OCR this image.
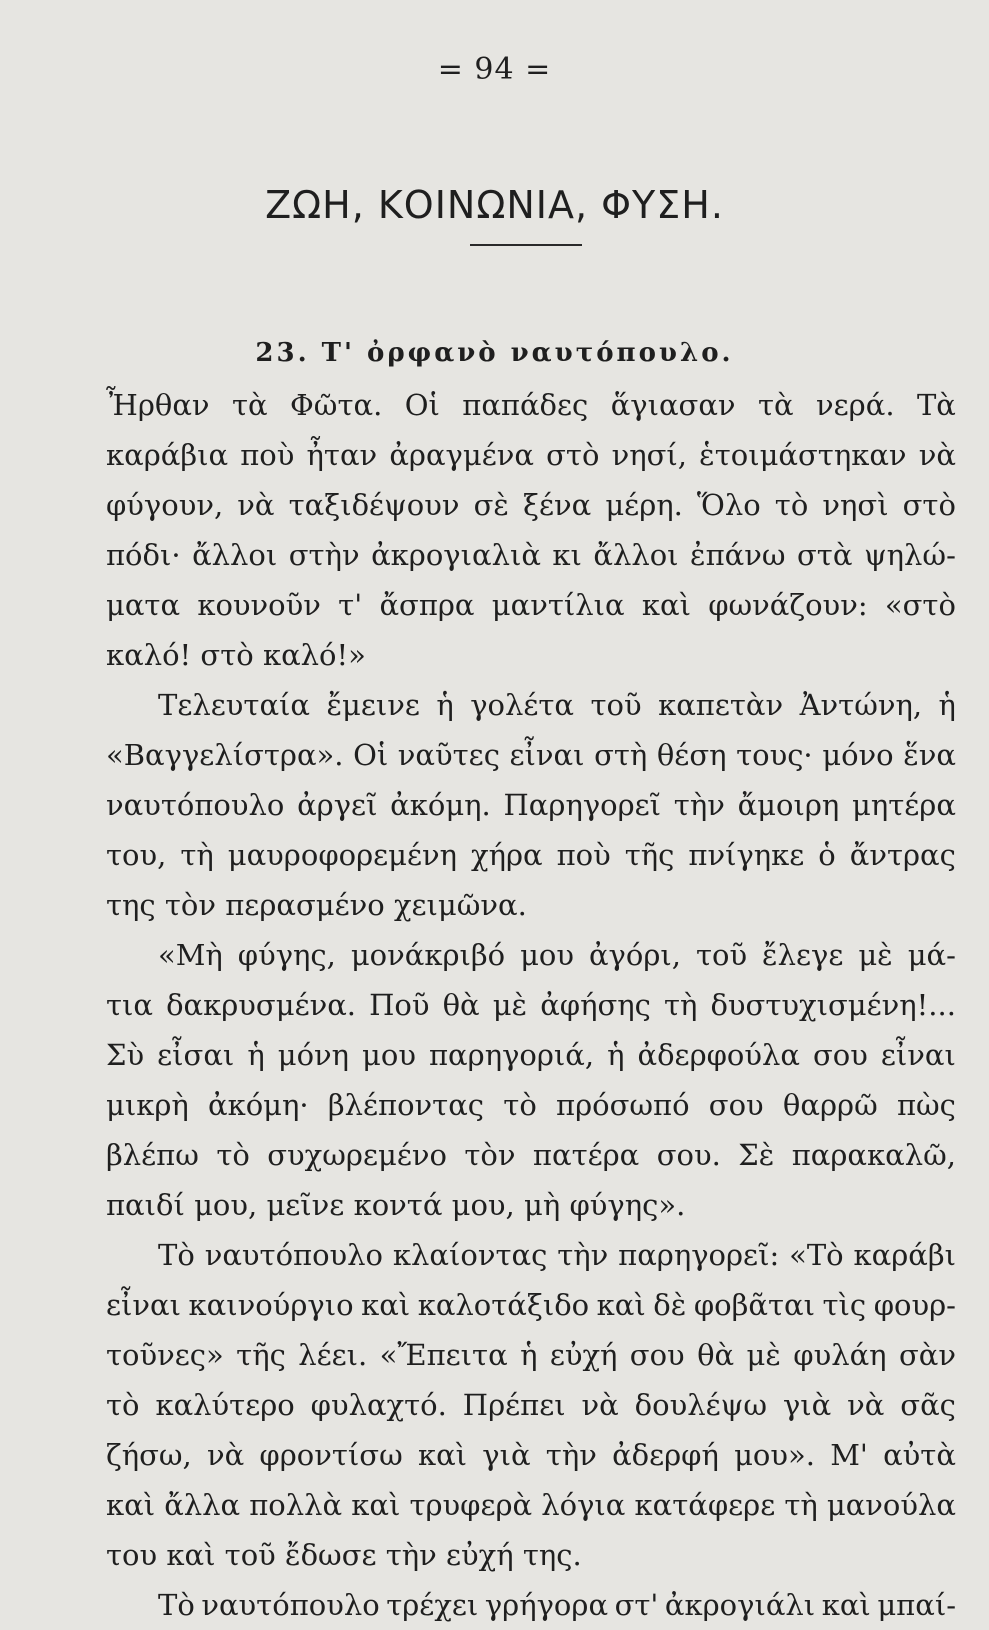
= 94 =
ΖΩΗ, ΚΟΙΝΩΝΙΑ, ΦΥΣΗ.
23. Τ' ὀρφανὸ ναυτόπουλο.
Ἦρθαν τὰ Φῶτα. Οἱ παπάδες ἅγιασαν τὰ νερά. Τὰ
καράβια ποὺ ἦταν ἀραγμένα στὸ νησί, ἑτοιμάστηκαν νὰ
φύγουν, νὰ ταξιδέψουν σὲ ξένα μέρη. Ὅλο τὸ νησὶ στὸ
πόδι· ἄλλοι στὴν ἀκρογιαλιὰ κι ἄλλοι ἐπάνω στὰ ψηλώ-
ματα κουνοῦν τ' ἄσπρα μαντίλια καὶ φωνάζουν: «στὸ
καλό! στὸ καλό!»
Τελευταία ἔμεινε ἡ γολέτα τοῦ καπετὰν Ἀντώνη, ἡ
«Βαγγελίστρα». Οἱ ναῦτες εἶναι στὴ θέση τους· μόνο ἕνα
ναυτόπουλο ἀργεῖ ἀκόμη. Παρηγορεῖ τὴν ἄμοιρη μητέρα
του, τὴ μαυροφορεμένη χήρα ποὺ τῆς πνίγηκε ὁ ἄντρας
της τὸν περασμένο χειμῶνα.
«Μὴ φύγης, μονάκριβό μου ἀγόρι, τοῦ ἔλεγε μὲ μά-
τια δακρυσμένα. Ποῦ θὰ μὲ ἀφήσης τὴ δυστυχισμένη!...
Σὺ εἶσαι ἡ μόνη μου παρηγοριά, ἡ ἀδερφούλα σου εἶναι
μικρὴ ἀκόμη· βλέποντας τὸ πρόσωπό σου θαρρῶ πὼς
βλέπω τὸ συχωρεμένο τὸν πατέρα σου. Σὲ παρακαλῶ,
παιδί μου, μεῖνε κοντά μου, μὴ φύγης».
Τὸ ναυτόπουλο κλαίοντας τὴν παρηγορεῖ: «Τὸ καράβι
εἶναι καινούργιο καὶ καλοτάξιδο καὶ δὲ φοβᾶται τὶς φουρ-
τοῦνες» τῆς λέει. «Ἔπειτα ἡ εὐχή σου θὰ μὲ φυλάη σὰν
τὸ καλύτερο φυλαχτό. Πρέπει νὰ δουλέψω γιὰ νὰ σᾶς
ζήσω, νὰ φροντίσω καὶ γιὰ τὴν ἀδερφή μου». Μ' αὐτὰ
καὶ ἄλλα πολλὰ καὶ τρυφερὰ λόγια κατάφερε τὴ μανούλα
του καὶ τοῦ ἔδωσε τὴν εὐχή της.
Τὸ ναυτόπουλο τρέχει γρήγορα στ' ἀκρογιάλι καὶ μπαί-
